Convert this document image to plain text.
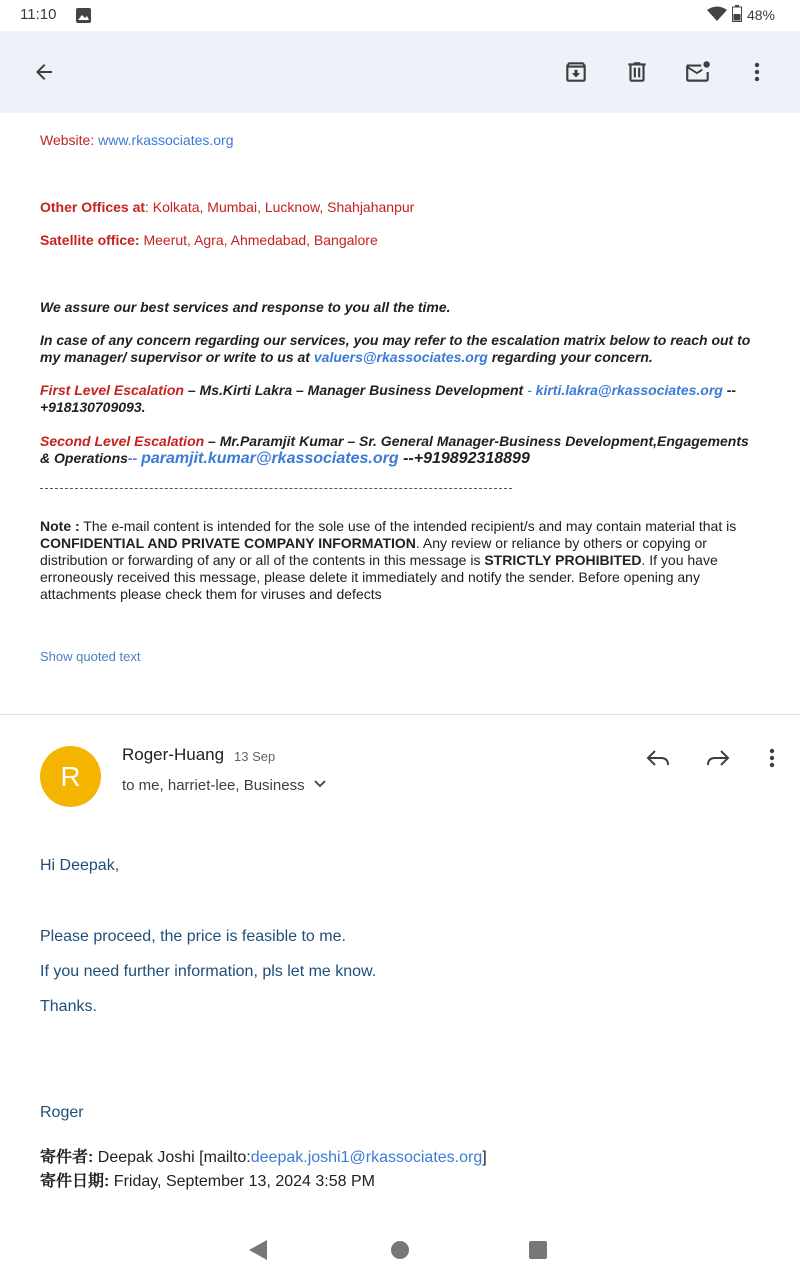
11:10	48%
Website: www.rkassociates.org
Other Offices at: Kolkata, Mumbai, Lucknow, Shahjahanpur
Satellite office: Meerut, Agra, Ahmedabad, Bangalore
We assure our best services and response to you all the time.
In case of any concern regarding our services, you may refer to the escalation matrix below to reach out to my manager/ supervisor or write to us at valuers@rkassociates.org regarding your concern.
First Level Escalation – Ms.Kirti Lakra – Manager Business Development - kirti.lakra@rkassociates.org --+918130709093.
Second Level Escalation – Mr.Paramjit Kumar – Sr. General Manager-Business Development,Engagements & Operations-- paramjit.kumar@rkassociates.org --+919892318899
Note : The e-mail content is intended for the sole use of the intended recipient/s and may contain material that is CONFIDENTIAL AND PRIVATE COMPANY INFORMATION. Any review or reliance by others or copying or distribution or forwarding of any or all of the contents in this message is STRICTLY PROHIBITED. If you have erroneously received this message, please delete it immediately and notify the sender. Before opening any attachments please check them for viruses and defects
Show quoted text
R
Roger-Huang 13 Sep
to me, harriet-lee, Business
Hi Deepak,
Please proceed, the price is feasible to me.
If you need further information, pls let me know.
Thanks.
Roger
寄件者: Deepak Joshi [mailto:deepak.joshi1@rkassociates.org]
寄件日期: Friday, September 13, 2024 3:58 PM
